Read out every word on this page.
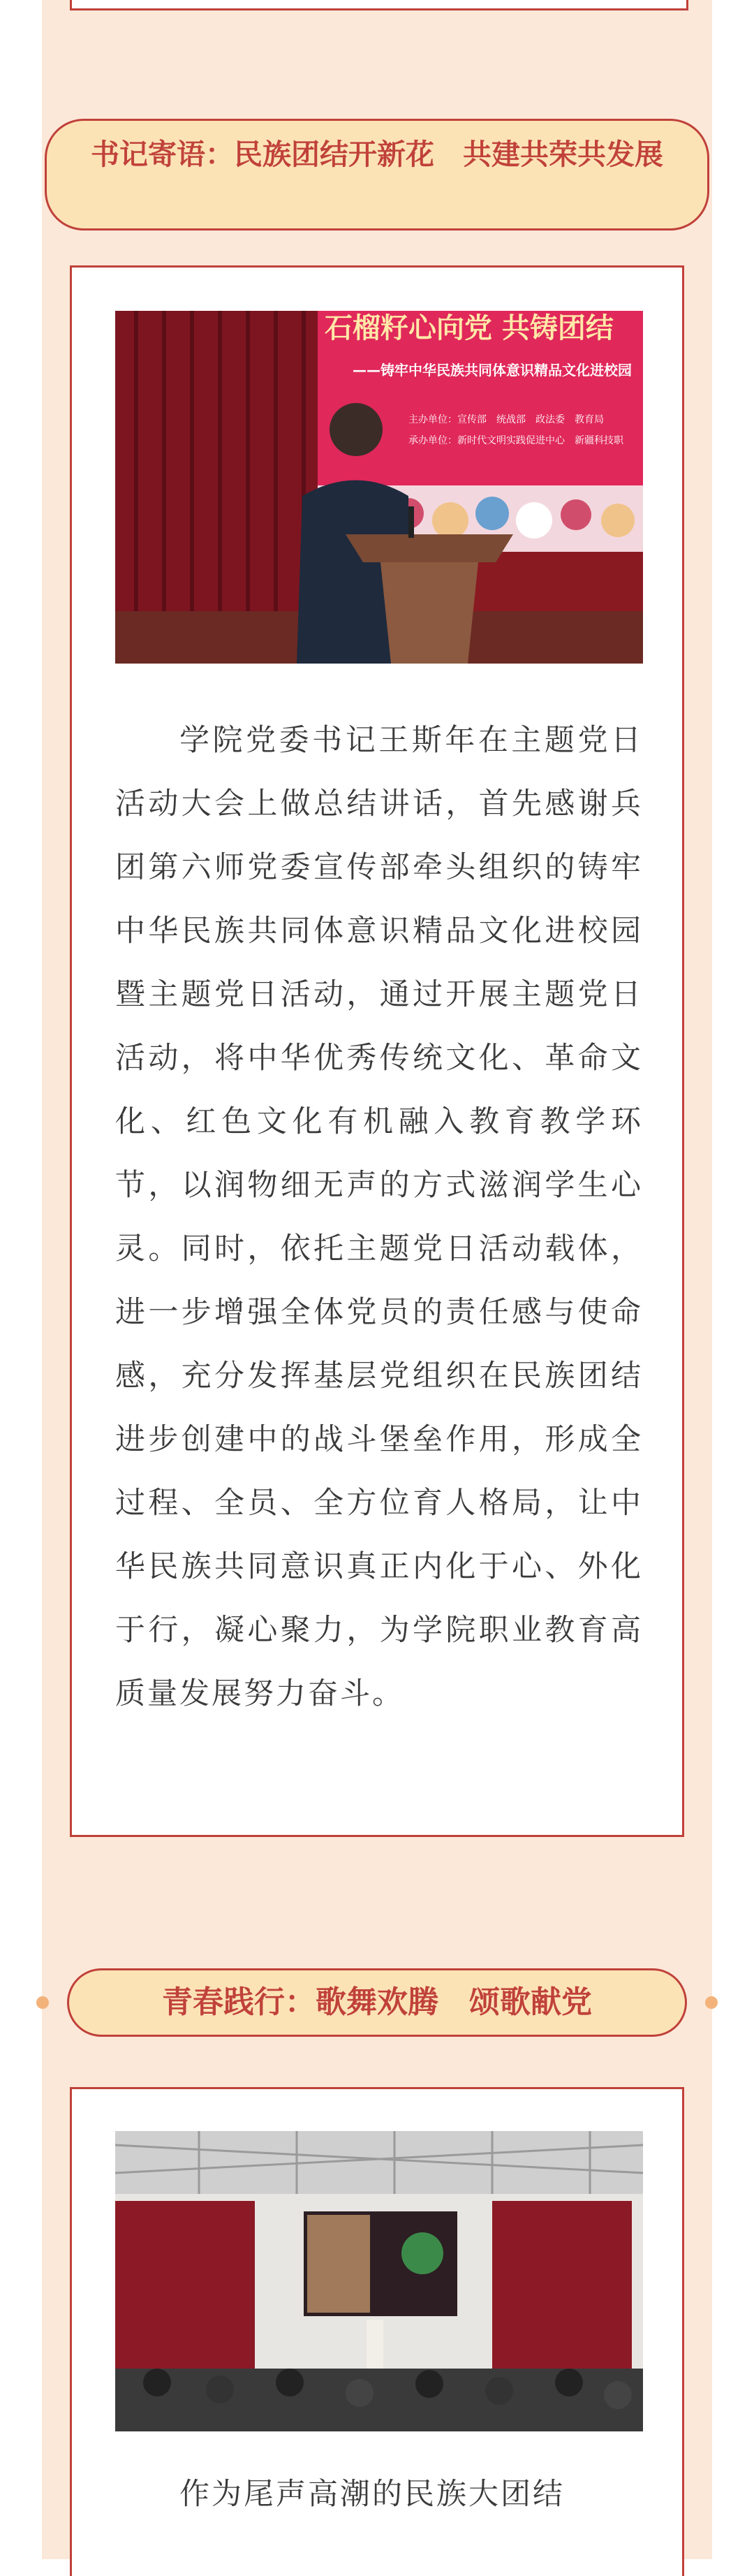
书记寄语：民族团结开新花　共建共荣共发展
石榴籽心向党 共铸团结
——铸牢中华民族共同体意识精品文化进校园
主办单位：宣传部　统战部　政法委　教育局
承办单位：新时代文明实践促进中心　新疆科技职

学院党委书记王斯年在主题党日活动大会上做总结讲话，首先感谢兵团第六师党委宣传部牵头组织的铸牢中华民族共同体意识精品文化进校园暨主题党日活动，通过开展主题党日活动，将中华优秀传统文化、革命文化、红色文化有机融入教育教学环节，以润物细无声的方式滋润学生心灵。同时，依托主题党日活动载体，进一步增强全体党员的责任感与使命感，充分发挥基层党组织在民族团结进步创建中的战斗堡垒作用，形成全过程、全员、全方位育人格局，让中华民族共同意识真正内化于心、外化于行，凝心聚力，为学院职业教育高质量发展努力奋斗。

青春践行：歌舞欢腾　颂歌献党

作为尾声高潮的民族大团结
